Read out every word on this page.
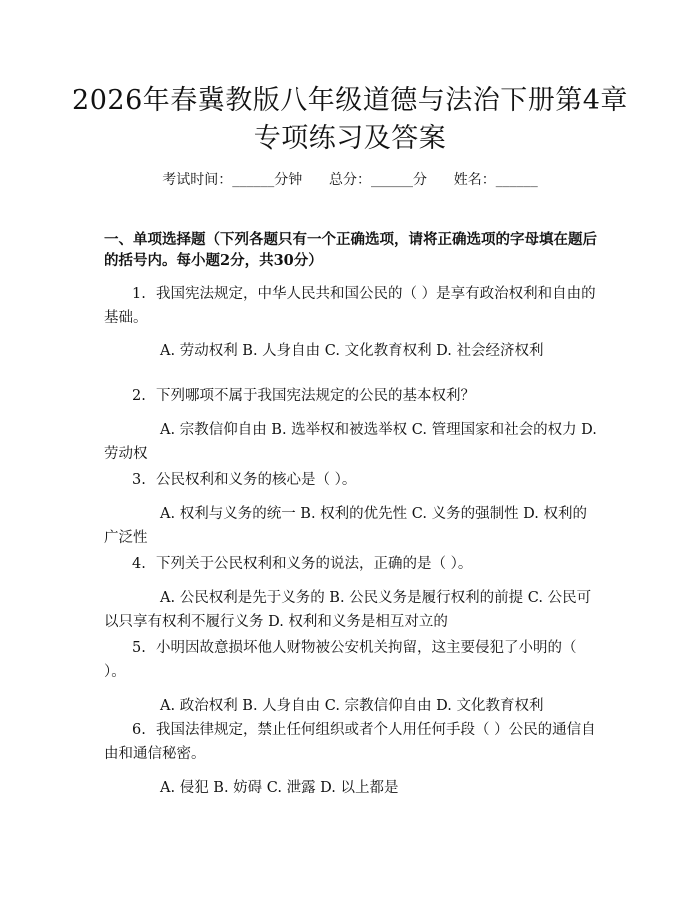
2026年春冀教版八年级道德与法治下册第4章专项练习及答案
考试时间：______分钟      总分：______分      姓名：______
一、单项选择题（下列各题只有一个正确选项，请将正确选项的字母填在题后的括号内。每小题2分，共30分）
1. 我国宪法规定，中华人民共和国公民的（ ）是享有政治权利和自由的基础。
A. 劳动权利 B. 人身自由 C. 文化教育权利 D. 社会经济权利
2. 下列哪项不属于我国宪法规定的公民的基本权利？
A. 宗教信仰自由 B. 选举权和被选举权 C. 管理国家和社会的权力 D. 劳动权
3. 公民权利和义务的核心是（ ）。
A. 权利与义务的统一 B. 权利的优先性 C. 义务的强制性 D. 权利的广泛性
4. 下列关于公民权利和义务的说法，正确的是（ ）。
A. 公民权利是先于义务的 B. 公民义务是履行权利的前提 C. 公民可以只享有权利不履行义务 D. 权利和义务是相互对立的
5. 小明因故意损坏他人财物被公安机关拘留，这主要侵犯了小明的（ ）。
A. 政治权利 B. 人身自由 C. 宗教信仰自由 D. 文化教育权利
6. 我国法律规定，禁止任何组织或者个人用任何手段（ ）公民的通信自由和通信秘密。
A. 侵犯 B. 妨碍 C. 泄露 D. 以上都是
